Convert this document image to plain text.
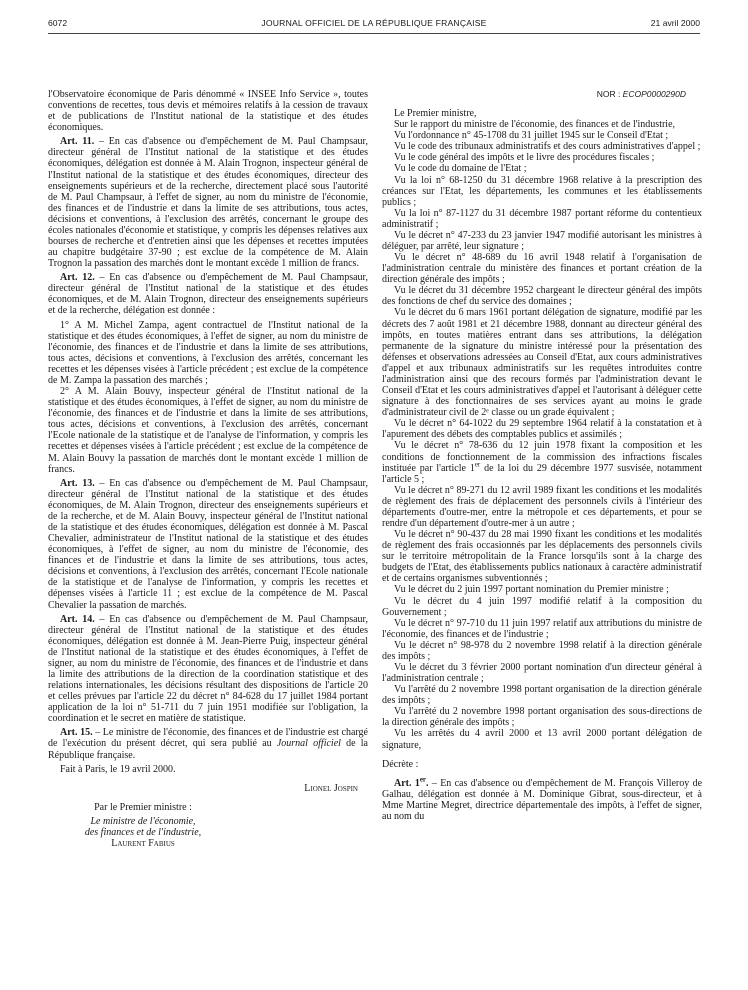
6072	JOURNAL OFFICIEL DE LA RÉPUBLIQUE FRANÇAISE	21 avril 2000

l'Observatoire économique de Paris dénommé « INSEE Info Service », toutes conventions de recettes, tous devis et mémoires relatifs à la cession de travaux et de publications de l'Institut national de la statistique et des études économiques.

Art. 11. – En cas d'absence ou d'empêchement de M. Paul Champsaur, directeur général de l'Institut national de la statistique et des études économiques, délégation est donnée à M. Alain Trognon, inspecteur général de l'Institut national de la statistique et des études économiques, directeur des enseignements supérieurs et de la recherche, directement placé sous l'autorité de M. Paul Champsaur, à l'effet de signer, au nom du ministre de l'économie, des finances et de l'industrie et dans la limite de ses attributions, tous actes, décisions et conventions, à l'exclusion des arrêtés, concernant le groupe des écoles nationales d'économie et statistique, y compris les dépenses relatives aux bourses de recherche et d'entretien ainsi que les dépenses et recettes imputées au chapitre budgétaire 37-90 ; est exclue de la compétence de M. Alain Trognon la passation des marchés dont le montant excède 1 million de francs.

Art. 12. – En cas d'absence ou d'empêchement de M. Paul Champsaur, directeur général de l'Institut national de la statistique et des études économiques, et de M. Alain Trognon, directeur des enseignements supérieurs et de la recherche, délégation est donnée :

1° A M. Michel Zampa, agent contractuel de l'Institut national de la statistique et des études économiques, à l'effet de signer, au nom du ministre de l'économie, des finances et de l'industrie et dans la limite de ses attributions, tous actes, décisions et conventions, à l'exclusion des arrêtés, concernant les recettes et les dépenses visées à l'article précédent ; est exclue de la compétence de M. Zampa la passation des marchés ;

2° A M. Alain Bouvy, inspecteur général de l'Institut national de la statistique et des études économiques, à l'effet de signer, au nom du ministre de l'économie, des finances et de l'industrie et dans la limite de ses attributions, tous actes, décisions et conventions, à l'exclusion des arrêtés, concernant l'Ecole nationale de la statistique et de l'analyse de l'information, y compris les recettes et dépenses visées à l'article précédent ; est exclue de la compétence de M. Alain Bouvy la passation de marchés dont le montant excède 1 million de francs.

Art. 13. – En cas d'absence ou d'empêchement de M. Paul Champsaur, directeur général de l'Institut national de la statistique et des études économiques, de M. Alain Trognon, directeur des enseignements supérieurs et de la recherche, et de M. Alain Bouvy, inspecteur général de l'Institut national de la statistique et des études économiques, délégation est donnée à M. Pascal Chevalier, administrateur de l'Institut national de la statistique et des études économiques, à l'effet de signer, au nom du ministre de l'économie, des finances et de l'industrie et dans la limite de ses attributions, tous actes, décisions et conventions, à l'exclusion des arrêtés, concernant l'Ecole nationale de la statistique et de l'analyse de l'information, y compris les recettes et dépenses visées à l'article 11 ; est exclue de la compétence de M. Pascal Chevalier la passation de marchés.

Art. 14. – En cas d'absence ou d'empêchement de M. Paul Champsaur, directeur général de l'Institut national de la statistique et des études économiques, délégation est donnée à M. Jean-Pierre Puig, inspecteur général de l'Institut national de la statistique et des études économiques, à l'effet de signer, au nom du ministre de l'économie, des finances et de l'industrie et dans la limite des attributions de la direction de la coordination statistique et des relations internationales, les décisions résultant des dispositions de l'article 20 et celles prévues par l'article 22 du décret n° 84-628 du 17 juillet 1984 portant application de la loi n° 51-711 du 7 juin 1951 modifiée sur l'obligation, la coordination et le secret en matière de statistique.

Art. 15. – Le ministre de l'économie, des finances et de l'industrie est chargé de l'exécution du présent décret, qui sera publié au Journal officiel de la République française.

Fait à Paris, le 19 avril 2000.

Lionel Jospin
Par le Premier ministre :
Le ministre de l'économie,
des finances et de l'industrie,
Laurent Fabius
NOR : ECOP0000290D

Le Premier ministre,

Sur le rapport du ministre de l'économie, des finances et de l'industrie,

Vu l'ordonnance n° 45-1708 du 31 juillet 1945 sur le Conseil d'Etat ;

Vu le code des tribunaux administratifs et des cours administratives d'appel ;

Vu le code général des impôts et le livre des procédures fiscales ;

Vu le code du domaine de l'Etat ;

Vu la loi n° 68-1250 du 31 décembre 1968 relative à la prescription des créances sur l'Etat, les départements, les communes et les établissements publics ;

Vu la loi n° 87-1127 du 31 décembre 1987 portant réforme du contentieux administratif ;

Vu le décret n° 47-233 du 23 janvier 1947 modifié autorisant les ministres à déléguer, par arrêté, leur signature ;

Vu le décret n° 48-689 du 16 avril 1948 relatif à l'organisation de l'administration centrale du ministère des finances et portant création de la direction générale des impôts ;

Vu le décret du 31 décembre 1952 chargeant le directeur général des impôts des fonctions de chef du service des domaines ;

Vu le décret du 6 mars 1961 portant délégation de signature, modifié par les décrets des 7 août 1981 et 21 décembre 1988, donnant au directeur général des impôts, en toutes matières entrant dans ses attributions, la délégation permanente de la signature du ministre intéressé pour la présentation des défenses et observations adressées au Conseil d'Etat, aux cours administratives d'appel et aux tribunaux administratifs sur les requêtes introduites contre l'administration ainsi que des recours formés par l'administration devant le Conseil d'Etat et les cours administratives d'appel et l'autorisant à déléguer cette signature à des fonctionnaires de ses services ayant au moins le grade d'administrateur civil de 2ᵉ classe ou un grade équivalent ;

Vu le décret n° 64-1022 du 29 septembre 1964 relatif à la constatation et à l'apurement des débets des comptables publics et assimilés ;

Vu le décret n° 78-636 du 12 juin 1978 fixant la composition et les conditions de fonctionnement de la commission des infractions fiscales instituée par l'article 1er de la loi du 29 décembre 1977 susvisée, notamment l'article 5 ;

Vu le décret n° 89-271 du 12 avril 1989 fixant les conditions et les modalités de règlement des frais de déplacement des personnels civils à l'intérieur des départements d'outre-mer, entre la métropole et ces départements, et pour se rendre d'un département d'outre-mer à un autre ;

Vu le décret n° 90-437 du 28 mai 1990 fixant les conditions et les modalités de règlement des frais occasionnés par les déplacements des personnels civils sur le territoire métropolitain de la France lorsqu'ils sont à la charge des budgets de l'Etat, des établissements publics nationaux à caractère administratif et de certains organismes subventionnés ;

Vu le décret du 2 juin 1997 portant nomination du Premier ministre ;

Vu le décret du 4 juin 1997 modifié relatif à la composition du Gouvernement ;

Vu le décret n° 97-710 du 11 juin 1997 relatif aux attributions du ministre de l'économie, des finances et de l'industrie ;

Vu le décret n° 98-978 du 2 novembre 1998 relatif à la direction générale des impôts ;

Vu le décret du 3 février 2000 portant nomination d'un directeur général à l'administration centrale ;

Vu l'arrêté du 2 novembre 1998 portant organisation de la direction générale des impôts ;

Vu l'arrêté du 2 novembre 1998 portant organisation des sous-directions de la direction générale des impôts ;

Vu les arrêtés du 4 avril 2000 et 13 avril 2000 portant délégation de signature,

Décrète :

Art. 1er. – En cas d'absence ou d'empêchement de M. François Villeroy de Galhau, délégation est donnée à M. Dominique Gibrat, sous-directeur, et à Mme Martine Megret, directrice départementale des impôts, à l'effet de signer, au nom du
